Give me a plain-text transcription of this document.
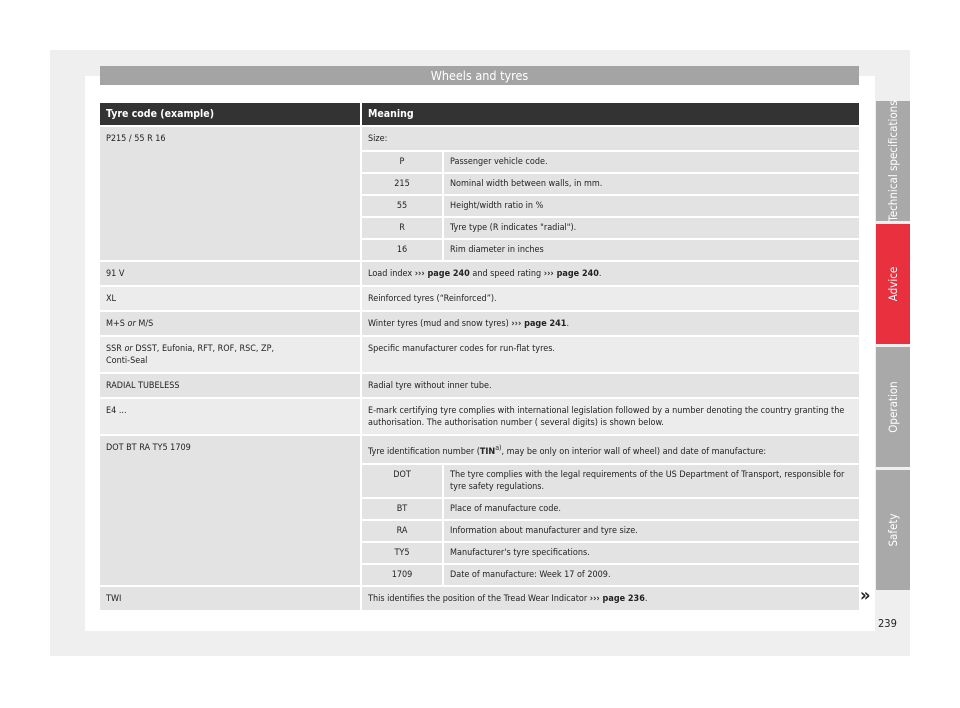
Wheels and tyres
Tyre code (example)	Meaning
P215 / 55 R 16	Size:

P	Passenger vehicle code.

215	Nominal width between walls, in mm.

55	Height/width ratio in %

R	Tyre type (R indicates "radial").

16	Rim diameter in inches

91 V	Load index ››› page 240 and speed rating ››› page 240.
XL	Reinforced tyres (“Reinforced”).
M+S or M/S	Winter tyres (mud and snow tyres) ››› page 241.
SSR or DSST, Eufonia, RFT, ROF, RSC, ZP,
Conti-Seal	Specific manufacturer codes for run-flat tyres.
RADIAL TUBELESS	Radial tyre without inner tube.
E4 ...	E-mark certifying tyre complies with international legislation followed by a number denoting the country granting the authorisation. The authorisation number ( several digits) is shown below.
DOT BT RA TY5 1709	Tyre identification number (TIN$^{a)}$, may be only on interior wall of wheel) and date of manufacture:

DOT	The tyre complies with the legal requirements of the US Department of Transport, responsible for tyre safety regulations.

BT	Place of manufacture code.

RA	Information about manufacturer and tyre size.

TY5	Manufacturer's tyre specifications.

1709	Date of manufacture: Week 17 of 2009.

TWI	This identifies the position of the Tread Wear Indicator ››› page 236.
Technical specifications
Advice
Operation
Safety
»
239
